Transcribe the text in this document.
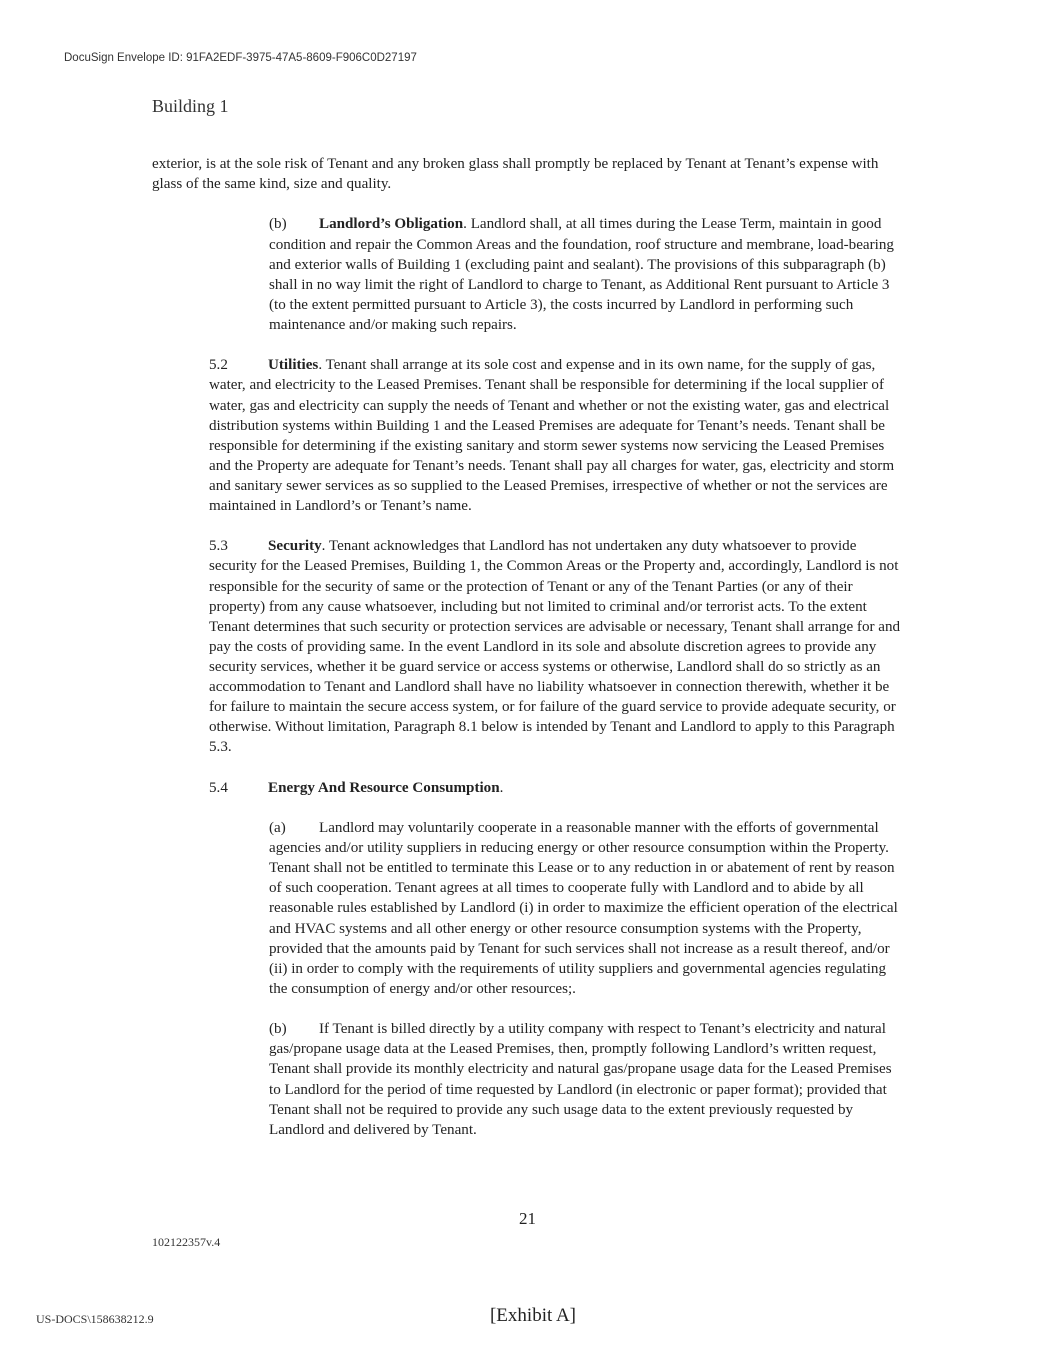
DocuSign Envelope ID: 91FA2EDF-3975-47A5-8609-F906C0D27197
Building 1

exterior, is at the sole risk of Tenant and any broken glass shall promptly be replaced by Tenant at Tenant’s expense with glass of the same kind, size and quality.

(b) Landlord’s Obligation. Landlord shall, at all times during the Lease Term, maintain in good condition and repair the Common Areas and the foundation, roof structure and membrane, load-bearing and exterior walls of Building 1 (excluding paint and sealant). The provisions of this subparagraph (b) shall in no way limit the right of Landlord to charge to Tenant, as Additional Rent pursuant to Article 3 (to the extent permitted pursuant to Article 3), the costs incurred by Landlord in performing such maintenance and/or making such repairs.

5.2	Utilities. Tenant shall arrange at its sole cost and expense and in its own name, for the supply of gas, water, and electricity to the Leased Premises. Tenant shall be responsible for determining if the local supplier of water, gas and electricity can supply the needs of Tenant and whether or not the existing water, gas and electrical distribution systems within Building 1 and the Leased Premises are adequate for Tenant’s needs. Tenant shall be responsible for determining if the existing sanitary and storm sewer systems now servicing the Leased Premises and the Property are adequate for Tenant’s needs. Tenant shall pay all charges for water, gas, electricity and storm and sanitary sewer services as so supplied to the Leased Premises, irrespective of whether or not the services are maintained in Landlord’s or Tenant’s name.

5.3	Security. Tenant acknowledges that Landlord has not undertaken any duty whatsoever to provide security for the Leased Premises, Building 1, the Common Areas or the Property and, accordingly, Landlord is not responsible for the security of same or the protection of Tenant or any of the Tenant Parties (or any of their property) from any cause whatsoever, including but not limited to criminal and/or terrorist acts. To the extent Tenant determines that such security or protection services are advisable or necessary, Tenant shall arrange for and pay the costs of providing same. In the event Landlord in its sole and absolute discretion agrees to provide any security services, whether it be guard service or access systems or otherwise, Landlord shall do so strictly as an accommodation to Tenant and Landlord shall have no liability whatsoever in connection therewith, whether it be for failure to maintain the secure access system, or for failure of the guard service to provide adequate security, or otherwise. Without limitation, Paragraph 8.1 below is intended by Tenant and Landlord to apply to this Paragraph 5.3.

5.4	Energy And Resource Consumption.

(a) Landlord may voluntarily cooperate in a reasonable manner with the efforts of governmental agencies and/or utility suppliers in reducing energy or other resource consumption within the Property. Tenant shall not be entitled to terminate this Lease or to any reduction in or abatement of rent by reason of such cooperation. Tenant agrees at all times to cooperate fully with Landlord and to abide by all reasonable rules established by Landlord (i) in order to maximize the efficient operation of the electrical and HVAC systems and all other energy or other resource consumption systems with the Property, provided that the amounts paid by Tenant for such services shall not increase as a result thereof, and/or (ii) in order to comply with the requirements of utility suppliers and governmental agencies regulating the consumption of energy and/or other resources;.

(b) If Tenant is billed directly by a utility company with respect to Tenant’s electricity and natural gas/propane usage data at the Leased Premises, then, promptly following Landlord’s written request, Tenant shall provide its monthly electricity and natural gas/propane usage data for the Leased Premises to Landlord for the period of time requested by Landlord (in electronic or paper format); provided that Tenant shall not be required to provide any such usage data to the extent previously requested by Landlord and delivered by Tenant.

21
102122357v.4
US-DOCS\158638212.9	[Exhibit A]
